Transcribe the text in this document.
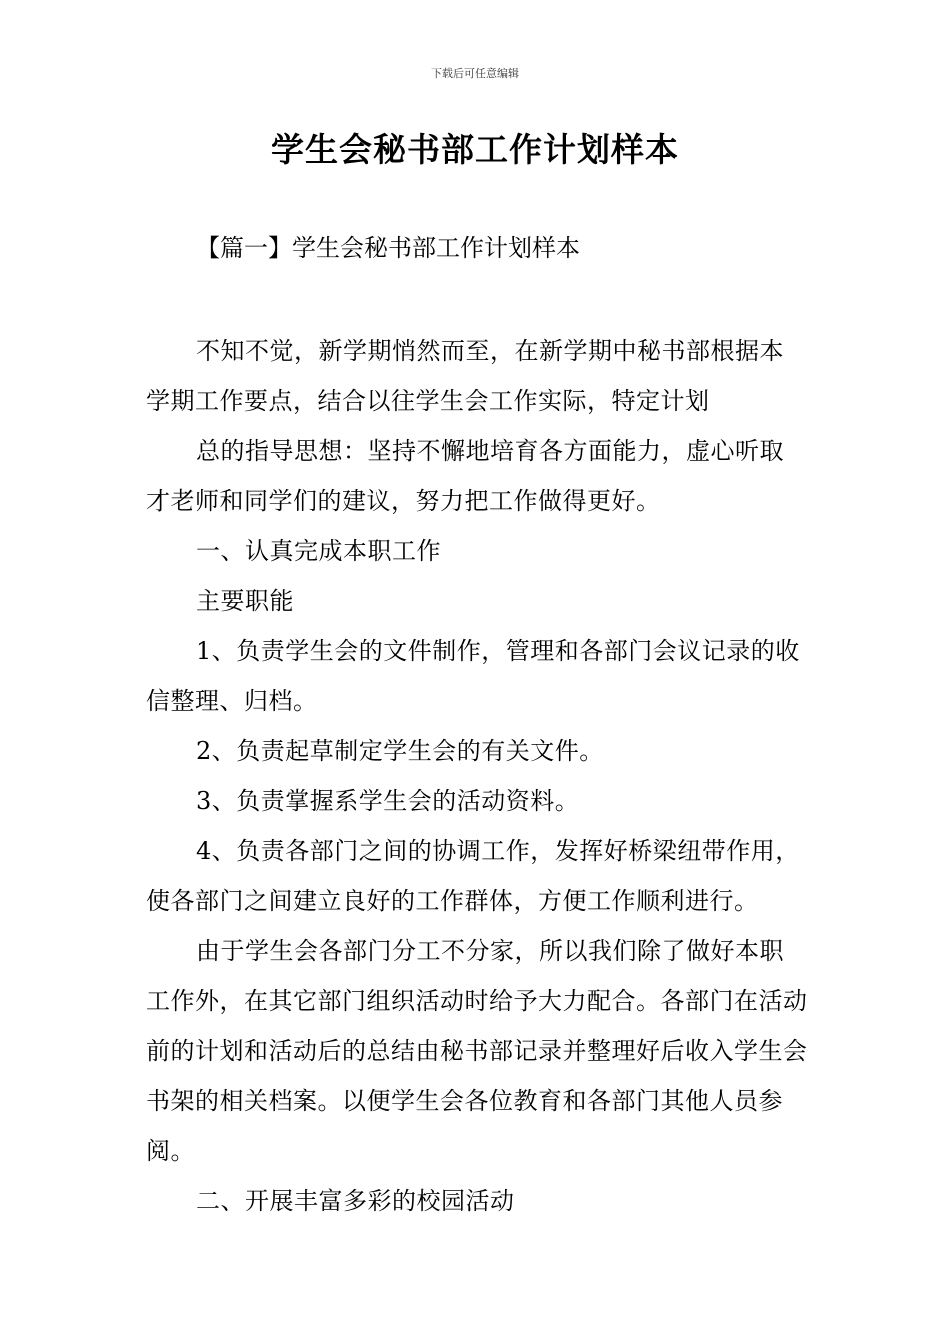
下载后可任意编辑
学生会秘书部工作计划样本
【篇一】学生会秘书部工作计划样本

不知不觉，新学期悄然而至，在新学期中秘书部根据本学期工作要点，结合以往学生会工作实际，特定计划

总的指导思想：坚持不懈地培育各方面能力，虚心听取才老师和同学们的建议，努力把工作做得更好。

一、认真完成本职工作

主要职能

1、负责学生会的文件制作，管理和各部门会议记录的收信整理、归档。

2、负责起草制定学生会的有关文件。

3、负责掌握系学生会的活动资料。

4、负责各部门之间的协调工作，发挥好桥梁纽带作用，使各部门之间建立良好的工作群体，方便工作顺利进行。

由于学生会各部门分工不分家，所以我们除了做好本职工作外，在其它部门组织活动时给予大力配合。各部门在活动前的计划和活动后的总结由秘书部记录并整理好后收入学生会书架的相关档案。以便学生会各位教育和各部门其他人员参阅。

二、开展丰富多彩的校园活动
